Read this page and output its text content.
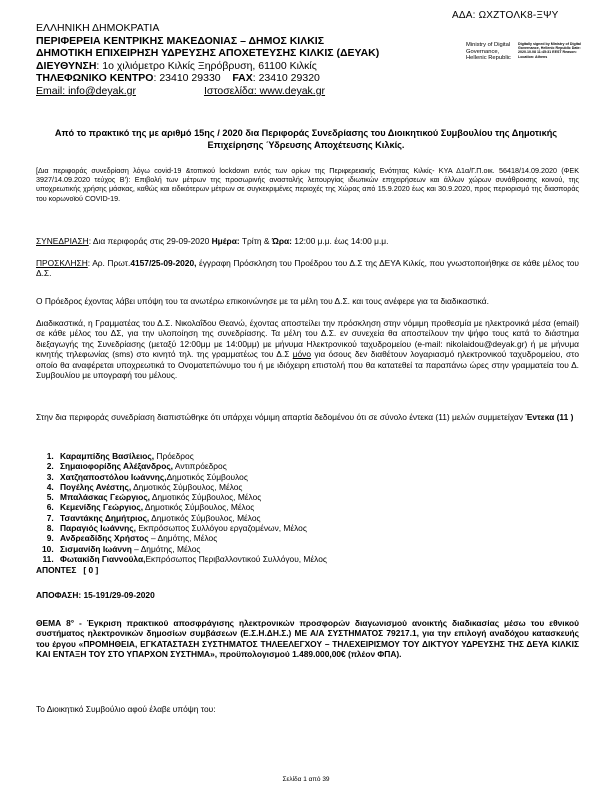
ΑΔΑ: ΩΧΖΤΟΛΚ8-ΞΨΥ
ΕΛΛΗΝΙΚΗ ΔΗΜΟΚΡΑΤΙΑ
ΠΕΡΙΦΕΡΕΙΑ ΚΕΝΤΡΙΚΗΣ ΜΑΚΕΔΟΝΙΑΣ – ΔΗΜΟΣ ΚΙΛΚΙΣ
ΔΗΜΟΤΙΚΗ ΕΠΙΧΕΙΡΗΣΗ ΥΔΡΕΥΣΗΣ ΑΠΟΧΕΤΕΥΣΗΣ ΚΙΛΚΙΣ (ΔΕΥΑΚ)
ΔΙΕΥΘΥΝΣΗ: 1ο χιλιόμετρο Κιλκίς Ξηρόβρυση, 61100 Κιλκίς
ΤΗΛΕΦΩΝΙΚΟ ΚΕΝΤΡΟ: 23410 29330 FAX: 23410 29320
Email: info@deyak.gr	Ιστοσελίδα: www.deyak.gr
Ministry of Digital Governance, Hellenic Republic
Digitally signed by Ministry of Digital Governance, Hellenic Republic Date: 2020.10.08 11:45:31 EEST Reason: Location: Athens
Από το πρακτικό της με αριθμό 15ης / 2020 δια Περιφοράς Συνεδρίασης του Διοικητικού Συμβουλίου της Δημοτικής Επιχείρησης Ύδρευσης Αποχέτευσης Κιλκίς.
[Δια περιφοράς συνεδρίαση λόγω covid-19 &τοπικού lockdown εντός των ορίων της Περιφερειακής Ενότητας Κιλκίς- ΚΥΑ Δ1α/Γ.Π.οικ. 56418/14.09.2020 (ΦΕΚ 3927/14.09.2020 τεύχος Β'): Επιβολή των μέτρων της προσωρινής αναστολής λειτουργίας ιδιωτικών επιχειρήσεων και άλλων χώρων συνάθροισης κοινού, της υποχρεωτικής χρήσης μάσκας, καθώς και ειδικότερων μέτρων σε συγκεκριμένες περιοχές της Χώρας από 15.9.2020 έως και 30.9.2020, προς περιορισμό της διασποράς του κορωνοϊού COVID-19.
ΣΥΝΕΔΡΙΑΣΗ: Δια περιφοράς στις 29-09-2020 Ημέρα: Τρίτη & Ώρα: 12:00 μ.μ. έως 14:00 μ.μ.
ΠΡΟΣΚΛΗΣΗ: Αρ. Πρωτ.4157/25-09-2020, έγγραφη Πρόσκληση του Προέδρου του Δ.Σ της ΔΕΥΑ Κιλκίς, που γνωστοποιήθηκε σε κάθε μέλος του Δ.Σ.
Ο Πρόεδρος έχοντας λάβει υπόψη του τα ανωτέρω επικοινώνησε με τα μέλη του Δ.Σ. και τους ανέφερε για τα διαδικαστικά.
Διαδικαστικά, η Γραμματέας του Δ.Σ. Νικολαΐδου Θεανώ, έχοντας αποστείλει την πρόσκληση στην νόμιμη προθεσμία με ηλεκτρονικά μέσα (email) σε κάθε μέλος του ΔΣ, για την υλοποίηση της συνεδρίασης. Τα μέλη του Δ.Σ. εν συνεχεία θα αποστείλουν την ψήφο τους κατά το διάστημα διεξαγωγής της Συνεδρίασης (μεταξύ 12:00μμ με 14:00μμ) με μήνυμα Ηλεκτρονικού ταχυδρομείου (e-mail: nikolaidou@deyak.gr) ή με μήνυμα κινητής τηλεφωνίας (sms) στο κινητό τηλ. της γραμματέως του Δ.Σ μόνο για όσους δεν διαθέτουν λογαριασμό ηλεκτρονικού ταχυδρομείου, στο οποίο θα αναφέρεται υποχρεωτικά το Ονοματεπώνυμο του ή με ιδιόχειρη επιστολή που θα κατατεθεί τα παραπάνω ώρες στην γραμματεία του Δ. Συμβουλίου με υπογραφή του μέλους.
Στην δια περιφοράς συνεδρίαση διαπιστώθηκε ότι υπάρχει νόμιμη απαρτία δεδομένου ότι σε σύνολο έντεκα (11) μελών συμμετείχαν Έντεκα (11 )
1. Καραμπίδης Βασίλειος, Πρόεδρος
2. Σημαιοφορίδης Αλέξανδρος, Αντιπρόεδρος
3. Χατζηαποστόλου Ιωάννης,Δημοτικός Σύμβουλος
4. Πογέλης Ανέστης, Δημοτικός Σύμβουλος, Μέλος
5. Μπαλάσκας Γεώργιος, Δημοτικός Σύμβουλος, Μέλος
6. Κεμενίδης Γεώργιος, Δημοτικός Σύμβουλος, Μέλος
7. Τσαντάκης Δημήτριος, Δημοτικός Σύμβουλος, Μέλος
8. Παραγιός Ιωάννης, Εκπρόσωπος Συλλόγου εργαζομένων, Μέλος
9. Ανδρεαδίδης Χρήστος – Δημότης, Μέλος
10. Σισμανίδη Ιωάννη – Δημότης, Μέλος
11. Φωτακίδη Γιαννούλα,Εκπρόσωπος Περιβαλλοντικού Συλλόγου, Μέλος
ΑΠΟΝΤΕΣ   [ 0 ]
ΑΠΟΦΑΣΗ: 15-191/29-09-2020
ΘΕΜΑ 8° - Έγκριση πρακτικού αποσφράγισης ηλεκτρονικών προσφορών διαγωνισμού ανοικτής διαδικασίας μέσω του εθνικού συστήματος ηλεκτρονικών δημοσίων συμβάσεων (Ε.Σ.Η.ΔΗ.Σ.) ΜΕ Α/Α ΣΥΣΤΗΜΑΤΟΣ 79217.1, για την επιλογή αναδόχου κατασκευής του έργου «ΠΡΟΜΗΘΕΙΑ, ΕΓΚΑΤΑΣΤΑΣΗ ΣΥΣΤΗΜΑΤΟΣ ΤΗΛΕΕΛΕΓΧΟΥ – ΤΗΛΕΧΕΙΡΙΣΜΟΥ ΤΟΥ ΔΙΚΤΥΟΥ ΥΔΡΕΥΣΗΣ ΤΗΣ ΔΕΥΑ ΚΙΛΚΙΣ ΚΑΙ ΕΝΤΑΞΗ ΤΟΥ ΣΤΟ ΥΠΑΡΧΟΝ ΣΥΣΤΗΜΑ», προϋπολογισμού 1.489.000,00€ (πλέον ΦΠΑ).
Το Διοικητικό Συμβούλιο αφού έλαβε υπόψη του:
Σελίδα 1 από 39
